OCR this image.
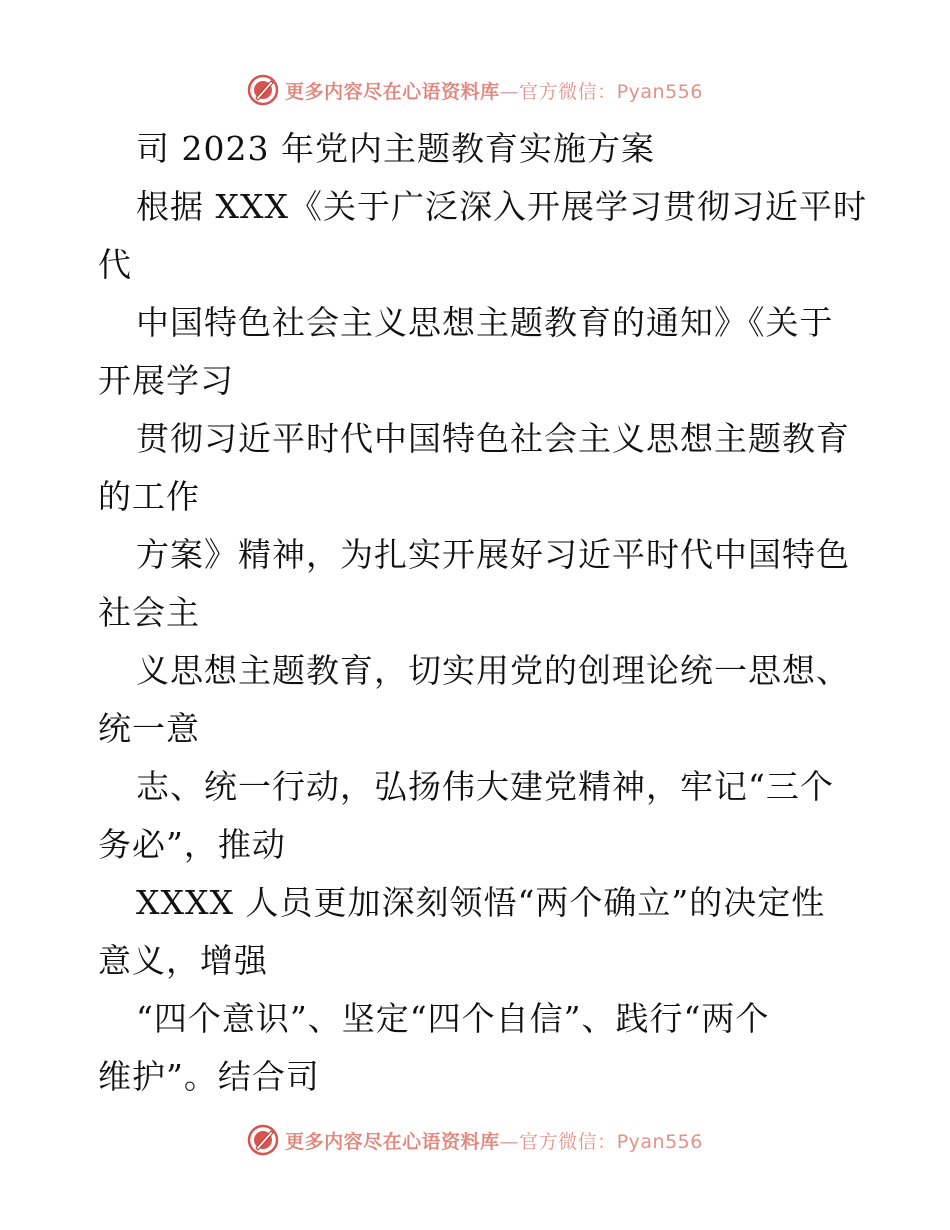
更多内容尽在心语资料库—官方微信：Pyan556
司 2023 年党内主题教育实施方案
根据 XXX《关于广泛深入开展学习贯彻习近平时
代
中国特色社会主义思想主题教育的通知》《关于
开展学习
贯彻习近平时代中国特色社会主义思想主题教育
的工作
方案》精神，为扎实开展好习近平时代中国特色
社会主
义思想主题教育，切实用党的创理论统一思想、
统一意
志、统一行动，弘扬伟大建党精神，牢记“三个
务必”，推动
XXXX 人员更加深刻领悟“两个确立”的决定性
意义，增强
“四个意识”、坚定“四个自信”、践行“两个
维护”。结合司
更多内容尽在心语资料库—官方微信：Pyan556
